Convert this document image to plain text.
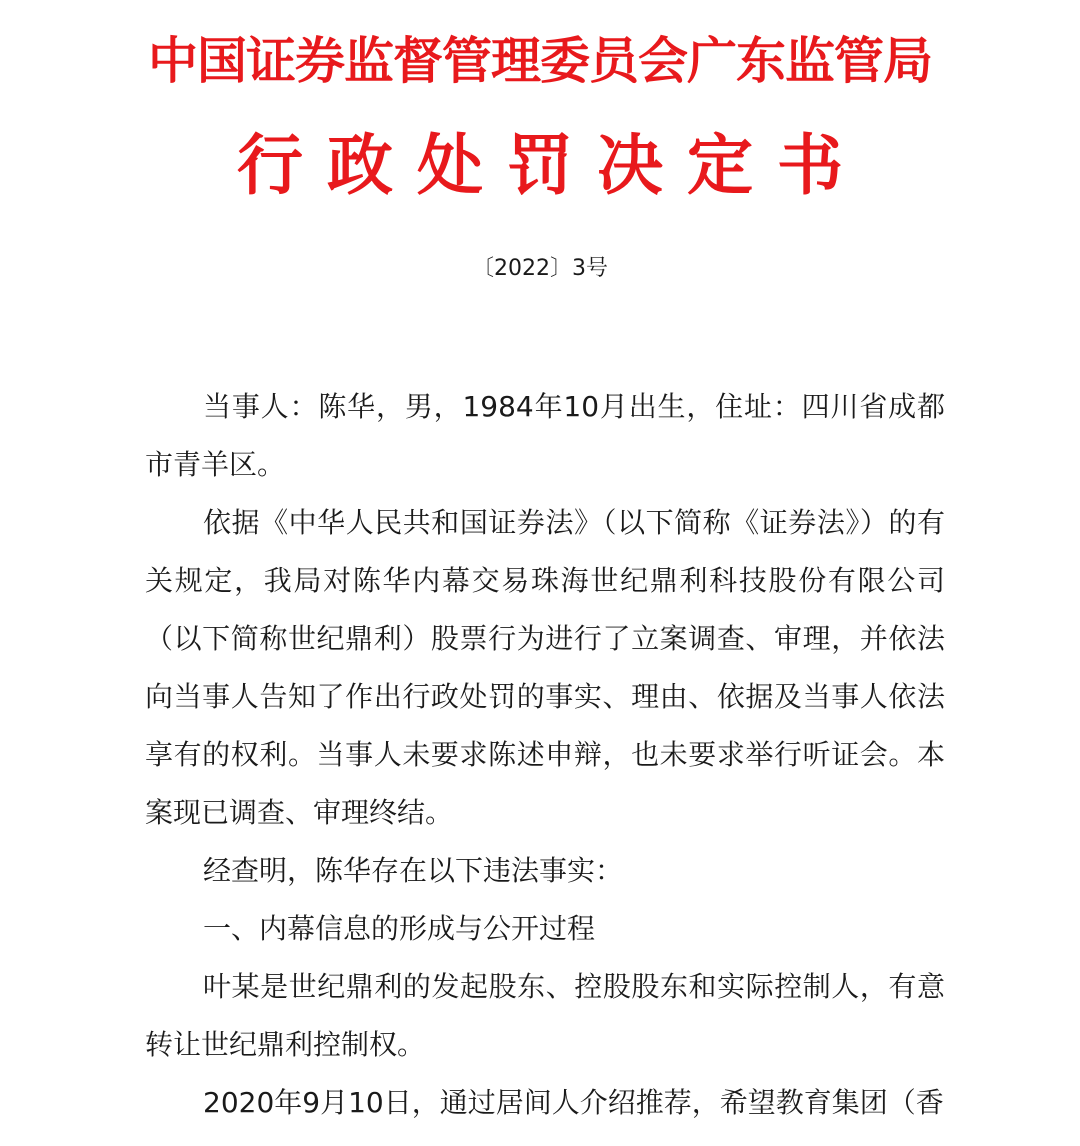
中国证券监督管理委员会广东监管局
行政处罚决定书
〔2022〕3号

当事人：陈华，男，1984年10月出生，住址：四川省成都市青羊区。

依据《中华人民共和国证券法》（以下简称《证券法》）的有关规定，我局对陈华内幕交易珠海世纪鼎利科技股份有限公司（以下简称世纪鼎利）股票行为进行了立案调查、审理，并依法向当事人告知了作出行政处罚的事实、理由、依据及当事人依法享有的权利。当事人未要求陈述申辩，也未要求举行听证会。本案现已调查、审理终结。

经查明，陈华存在以下违法事实：

一、内幕信息的形成与公开过程

叶某是世纪鼎利的发起股东、控股股东和实际控制人，有意转让世纪鼎利控制权。

2020年9月10日，通过居间人介绍推荐，希望教育集团（香
